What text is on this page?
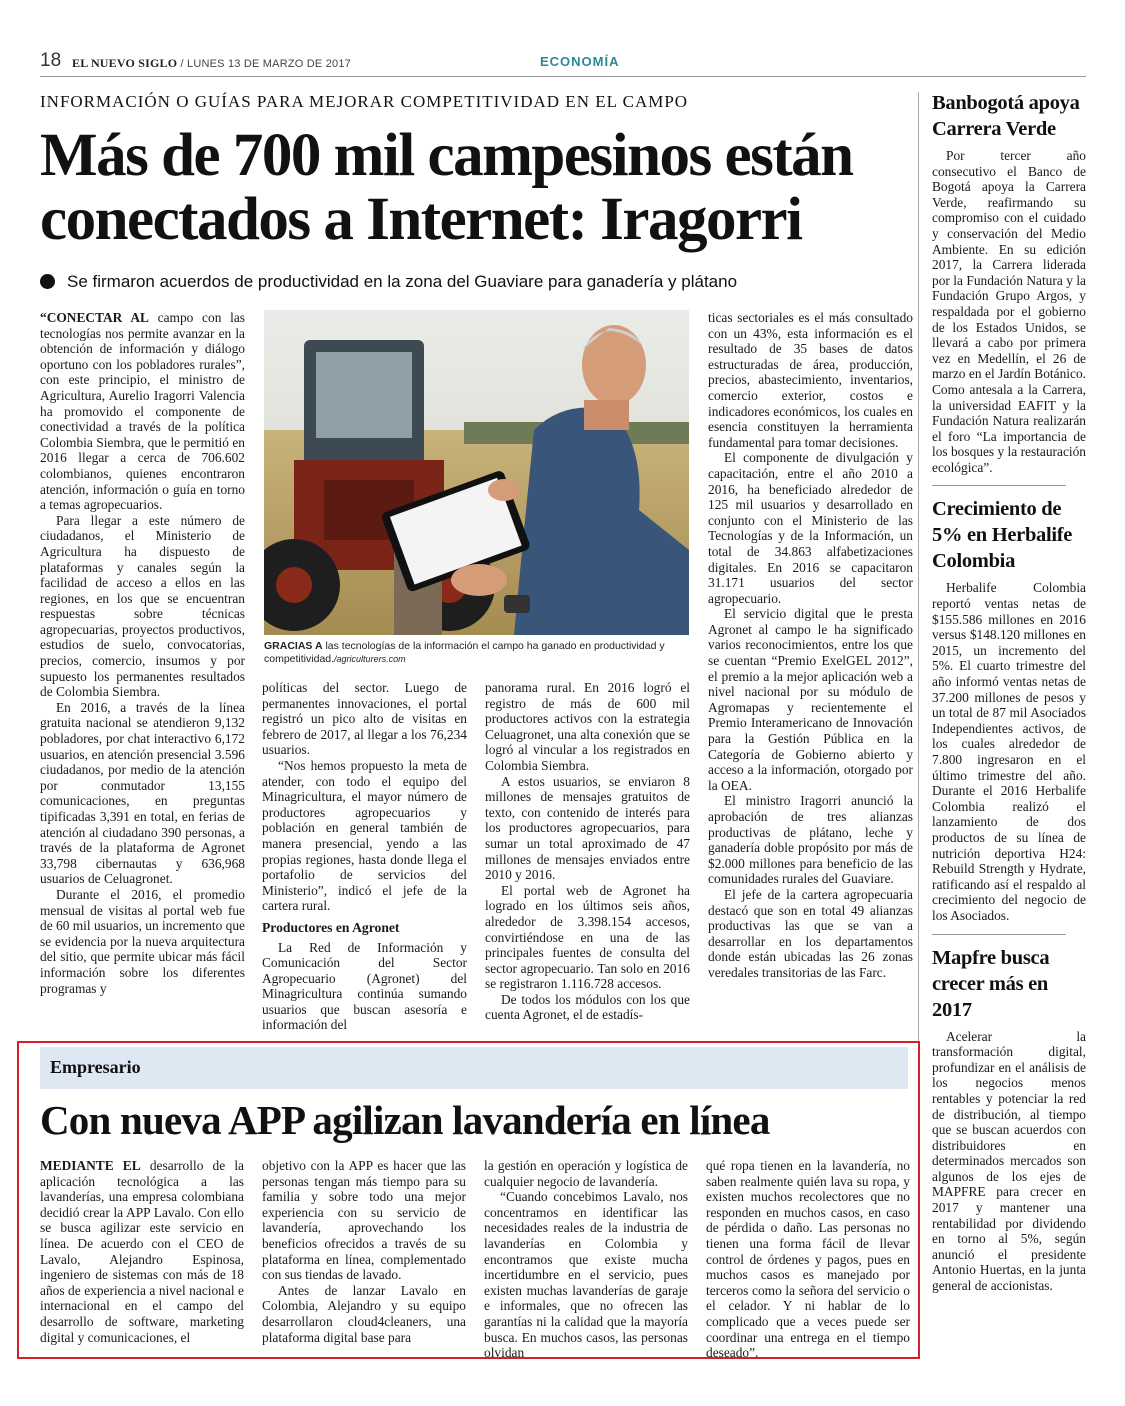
18 EL NUEVO SIGLO / LUNES 13 DE MARZO DE 2017	ECONOMÍA
INFORMACIÓN O GUÍAS PARA MEJORAR COMPETITIVIDAD EN EL CAMPO
Más de 700 mil campesinos están conectados a Internet: Iragorri
Se firmaron acuerdos de productividad en la zona del Guaviare para ganadería y plátano

“CONECTAR AL campo con las tecnologías nos permite avanzar en la obtención de información y diálogo oportuno con los pobladores rurales”, con este principio, el ministro de Agricultura, Aurelio Iragorri Valencia ha promovido el componente de conectividad a través de la política Colombia Siembra, que le permitió en 2016 llegar a cerca de 706.602 colombianos, quienes encontraron atención, información o guía en torno a temas agropecuarios.

Para llegar a este número de ciudadanos, el Ministerio de Agricultura ha dispuesto de plataformas y canales según la facilidad de acceso a ellos en las regiones, en los que se encuentran respuestas sobre técnicas agropecuarias, proyectos productivos, estudios de suelo, convocatorias, precios, comercio, insumos y por supuesto los permanentes resultados de Colombia Siembra.

En 2016, a través de la línea gratuita nacional se atendieron 9,132 pobladores, por chat interactivo 6,172 usuarios, en atención presencial 3.596 ciudadanos, por medio de la atención por conmutador 13,155 comunicaciones, en preguntas tipificadas 3,391 en total, en ferias de atención al ciudadano 390 personas, a través de la plataforma de Agronet 33,798 cibernautas y 636,968 usuarios de Celuagronet.

Durante el 2016, el promedio mensual de visitas al portal web fue de 60 mil usuarios, un incremento que se evidencia por la nueva arquitectura del sitio, que permite ubicar más fácil información sobre los diferentes programas y

GRACIAS A las tecnologías de la información el campo ha ganado en productividad y competitividad./agriculturers.com

políticas del sector. Luego de permanentes innovaciones, el portal registró un pico alto de visitas en febrero de 2017, al llegar a los 76,234 usuarios.

“Nos hemos propuesto la meta de atender, con todo el equipo del Minagricultura, el mayor número de productores agropecuarios y población en general también de manera presencial, yendo a las propias regiones, hasta donde llega el portafolio de servicios del Ministerio”, indicó el jefe de la cartera rural.

Productores en Agronet

La Red de Información y Comunicación del Sector Agropecuario (Agronet) del Minagricultura continúa sumando usuarios que buscan asesoría e información del

panorama rural. En 2016 logró el registro de más de 600 mil productores activos con la estrategia Celuagronet, una alta conexión que se logró al vincular a los registrados en Colombia Siembra.

A estos usuarios, se enviaron 8 millones de mensajes gratuitos de texto, con contenido de interés para los productores agropecuarios, para sumar un total aproximado de 47 millones de mensajes enviados entre 2010 y 2016.

El portal web de Agronet ha logrado en los últimos seis años, alrededor de 3.398.154 accesos, convirtiéndose en una de las principales fuentes de consulta del sector agropecuario. Tan solo en 2016 se registraron 1.116.728 accesos.

De todos los módulos con los que cuenta Agronet, el de estadís-

ticas sectoriales es el más consultado con un 43%, esta información es el resultado de 35 bases de datos estructuradas de área, producción, precios, abastecimiento, inventarios, comercio exterior, costos e indicadores económicos, los cuales en esencia constituyen la herramienta fundamental para tomar decisiones.

El componente de divulgación y capacitación, entre el año 2010 a 2016, ha beneficiado alrededor de 125 mil usuarios y desarrollado en conjunto con el Ministerio de las Tecnologías y de la Información, un total de 34.863 alfabetizaciones digitales. En 2016 se capacitaron 31.171 usuarios del sector agropecuario.

El servicio digital que le presta Agronet al campo le ha significado varios reconocimientos, entre los que se cuentan “Premio ExelGEL 2012”, el premio a la mejor aplicación web a nivel nacional por su módulo de Agromapas y recientemente el Premio Interamericano de Innovación para la Gestión Pública en la Categoría de Gobierno abierto y acceso a la información, otorgado por la OEA.

El ministro Iragorri anunció la aprobación de tres alianzas productivas de plátano, leche y ganadería doble propósito por más de $2.000 millones para beneficio de las comunidades rurales del Guaviare.

El jefe de la cartera agropecuaria destacó que son en total 49 alianzas productivas las que se van a desarrollar en los departamentos donde están ubicadas las 26 zonas veredales transitorias de las Farc.

Banbogotá apoya Carrera Verde

Por tercer año consecutivo el Banco de Bogotá apoya la Carrera Verde, reafirmando su compromiso con el cuidado y conservación del Medio Ambiente. En su edición 2017, la Carrera liderada por la Fundación Natura y la Fundación Grupo Argos, y respaldada por el gobierno de los Estados Unidos, se llevará a cabo por primera vez en Medellín, el 26 de marzo en el Jardín Botánico. Como antesala a la Carrera, la universidad EAFIT y la Fundación Natura realizarán el foro “La importancia de los bosques y la restauración ecológica”.

Crecimiento de 5% en Herbalife Colombia

Herbalife Colombia reportó ventas netas de $155.586 millones en 2016 versus $148.120 millones en 2015, un incremento del 5%. El cuarto trimestre del año informó ventas netas de 37.200 millones de pesos y un total de 87 mil Asociados Independientes activos, de los cuales alrededor de 7.800 ingresaron en el último trimestre del año. Durante el 2016 Herbalife Colombia realizó el lanzamiento de dos productos de su línea de nutrición deportiva H24: Rebuild Strength y Hydrate, ratificando así el respaldo al crecimiento del negocio de los Asociados.

Mapfre busca crecer más en 2017

Acelerar la transformación digital, profundizar en el análisis de los negocios menos rentables y potenciar la red de distribución, al tiempo que se buscan acuerdos con distribuidores en determinados mercados son algunos de los ejes de MAPFRE para crecer en 2017 y mantener una rentabilidad por dividendo en torno al 5%, según anunció el presidente Antonio Huertas, en la junta general de accionistas.

Empresario
Con nueva APP agilizan lavandería en línea

MEDIANTE EL desarrollo de la aplicación tecnológica a las lavanderías, una empresa colombiana decidió crear la APP Lavalo. Con ello se busca agilizar este servicio en línea. De acuerdo con el CEO de Lavalo, Alejandro Espinosa, ingeniero de sistemas con más de 18 años de experiencia a nivel nacional e internacional en el campo del desarrollo de software, marketing digital y comunicaciones, el

objetivo con la APP es hacer que las personas tengan más tiempo para su familia y sobre todo una mejor experiencia con su servicio de lavandería, aprovechando los beneficios ofrecidos a través de su plataforma en línea, complementado con sus tiendas de lavado.

Antes de lanzar Lavalo en Colombia, Alejandro y su equipo desarrollaron cloud4cleaners, una plataforma digital base para

la gestión en operación y logística de cualquier negocio de lavandería.

“Cuando concebimos Lavalo, nos concentramos en identificar las necesidades reales de la industria de lavanderías en Colombia y encontramos que existe mucha incertidumbre en el servicio, pues existen muchas lavanderías de garaje e informales, que no ofrecen las garantías ni la calidad que la mayoría busca. En muchos casos, las personas olvidan

qué ropa tienen en la lavandería, no saben realmente quién lava su ropa, y existen muchos recolectores que no responden en muchos casos, en caso de pérdida o daño. Las personas no tienen una forma fácil de llevar control de órdenes y pagos, pues en muchos casos es manejado por terceros como la señora del servicio o el celador. Y ni hablar de lo complicado que a veces puede ser coordinar una entrega en el tiempo deseado”.
